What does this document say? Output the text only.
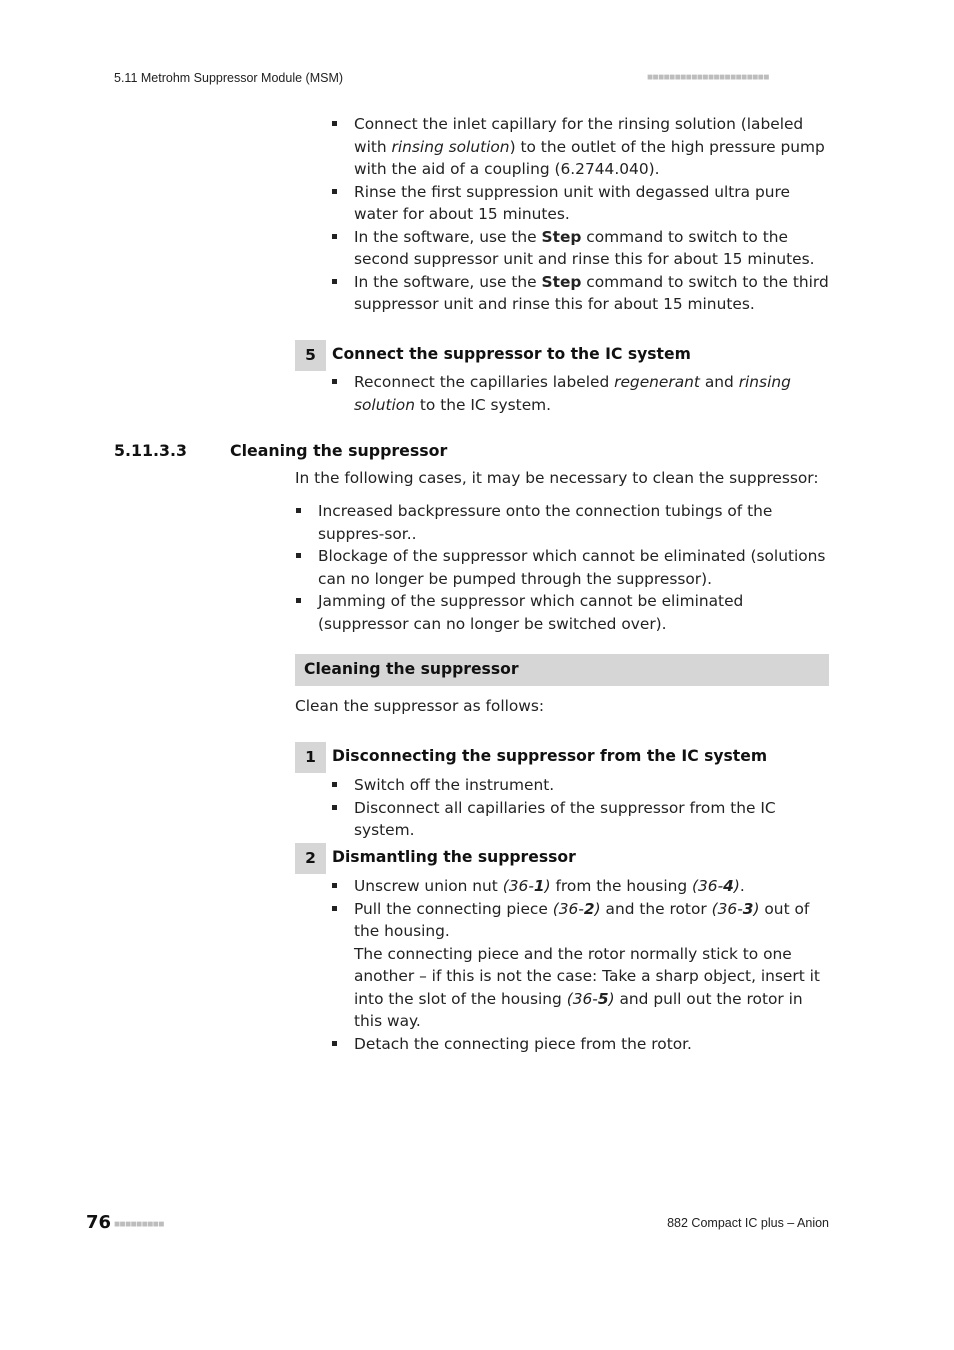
5.11 Metrohm Suppressor Module (MSM)	■■■■■■■■■■■■■■■■■■■■■■
Connect the inlet capillary for the rinsing solution (labeled with rinsing solution) to the outlet of the high pressure pump with the aid of a coupling (6.2744.040).
Rinse the first suppression unit with degassed ultra pure water for about 15 minutes.
In the software, use the Step command to switch to the second suppressor unit and rinse this for about 15 minutes.
In the software, use the Step command to switch to the third suppressor unit and rinse this for about 15 minutes.
5	Connect the suppressor to the IC system
Reconnect the capillaries labeled regenerant and rinsing solution to the IC system.
5.11.3.3	Cleaning the suppressor
In the following cases, it may be necessary to clean the suppressor:
Increased backpressure onto the connection tubings of the suppres-sor..
Blockage of the suppressor which cannot be eliminated (solutions can no longer be pumped through the suppressor).
Jamming of the suppressor which cannot be eliminated (suppressor can no longer be switched over).
Cleaning the suppressor
Clean the suppressor as follows:
1	Disconnecting the suppressor from the IC system
Switch off the instrument.
Disconnect all capillaries of the suppressor from the IC system.
2	Dismantling the suppressor
Unscrew union nut (36-1) from the housing (36-4).
Pull the connecting piece (36-2) and the rotor (36-3) out of the housing.
The connecting piece and the rotor normally stick to one another – if this is not the case: Take a sharp object, insert it into the slot of the housing (36-5) and pull out the rotor in this way.
Detach the connecting piece from the rotor.
76 ■■■■■■■■■	882 Compact IC plus – Anion
